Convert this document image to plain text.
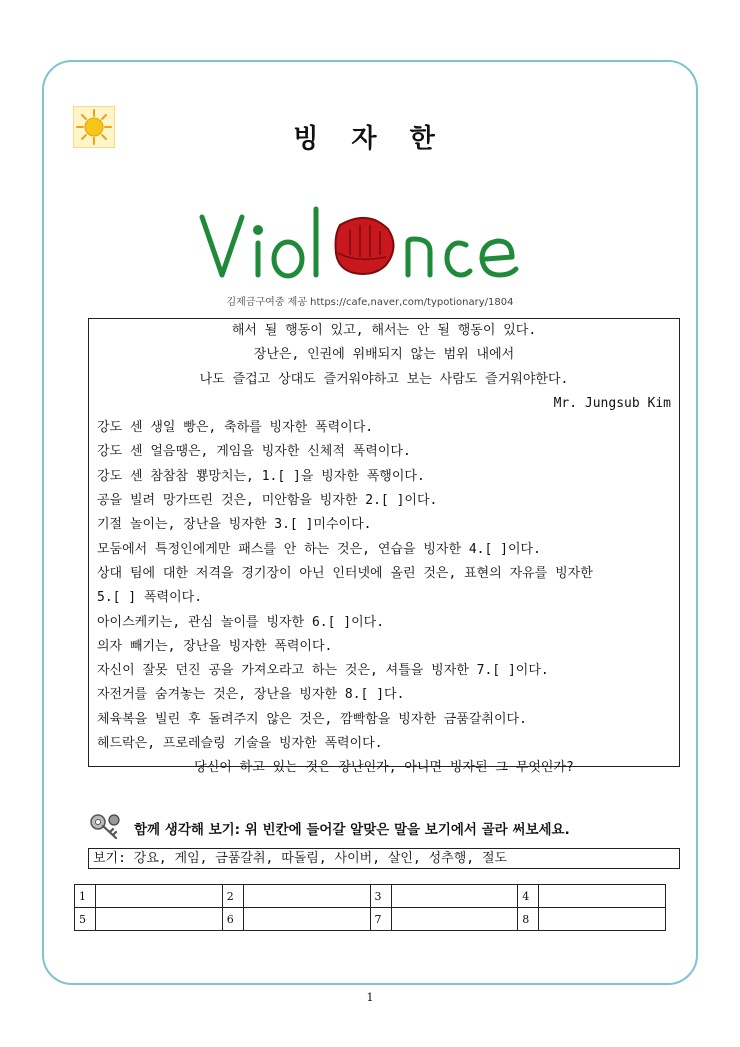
빙 자 한
김제금구여중 제공 https://cafe,naver,com/typotionary/1804
해서 될 행동이 있고, 해서는 안 될 행동이 있다.
장난은, 인권에 위배되지 않는 범위 내에서
나도 즐겁고 상대도 즐거워야하고 보는 사람도 즐거워야한다.
Mr. Jungsub Kim
강도 센 생일 빵은, 축하를 빙자한 폭력이다.
강도 센 얼음땡은, 게임을 빙자한 신체적 폭력이다.
강도 센 참참참 뿅망치는, 1.[ ]을 빙자한 폭행이다.
공을 빌려 망가뜨린 것은, 미안함을 빙자한 2.[ ]이다.
기절 놀이는, 장난을 빙자한 3.[ ]미수이다.
모둠에서 특정인에게만 패스를 안 하는 것은, 연습을 빙자한 4.[ ]이다.
상대 팀에 대한 저격을 경기장이 아닌 인터넷에 올린 것은, 표현의 자유를 빙자한
5.[ ] 폭력이다.
아이스케키는, 관심 놀이를 빙자한 6.[ ]이다.
의자 빼기는, 장난을 빙자한 폭력이다.
자신이 잘못 던진 공을 가져오라고 하는 것은, 셔틀을 빙자한 7.[ ]이다.
자전거를 숨겨놓는 것은, 장난을 빙자한 8.[ ]다.
체육복을 빌린 후 돌려주지 않은 것은, 깜빡함을 빙자한 금품갈취이다.
헤드락은, 프로레슬링 기술을 빙자한 폭력이다.
당신이 하고 있는 것은 장난인가, 아니면 빙자된 그 무엇인가?
함께 생각해 보기: 위 빈칸에 들어갈 알맞은 말을 보기에서 골라 써보세요.
보기: 강요, 게임, 금품갈취, 따돌림, 사이버, 살인, 성추행, 절도
1		2		3		4	
5		6		7		8	
1
